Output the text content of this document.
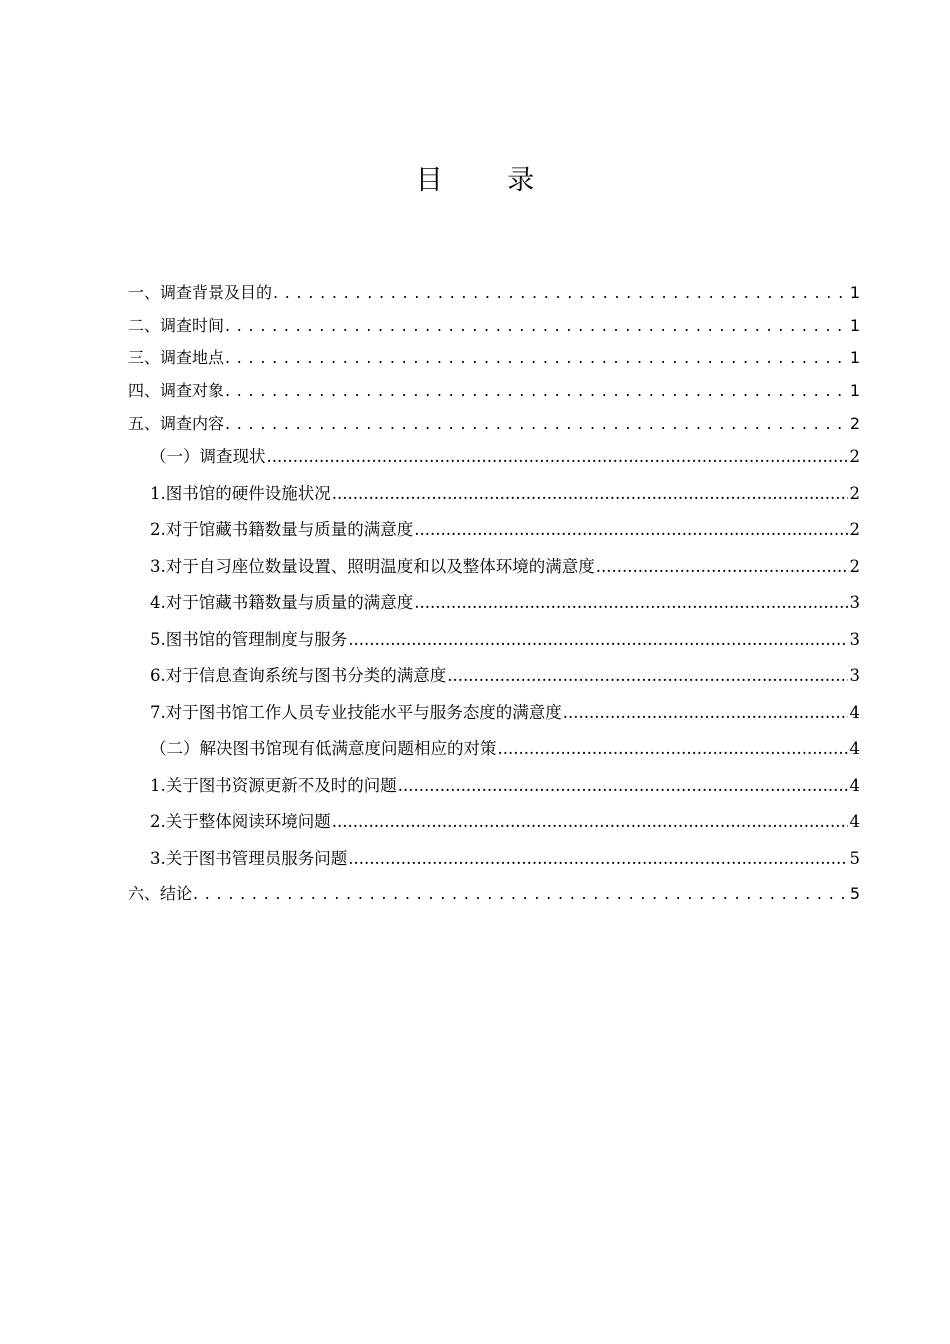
目 录
一、调查背景及目的 . . .	1
二、调查时间 . . .	1
三、调查地点 . . .	1
四、调查对象 . . .	1
五、调查内容 . . .	2
（一）调查现状 .....	2
1.图书馆的硬件设施状况 .....	2
2.对于馆藏书籍数量与质量的满意度 .....	2
3.对于自习座位数量设置、照明温度和以及整体环境的满意度 .....	2
4.对于馆藏书籍数量与质量的满意度 .....	3
5.图书馆的管理制度与服务 .....	3
6.对于信息查询系统与图书分类的满意度 .....	3
7.对于图书馆工作人员专业技能水平与服务态度的满意度 .....	4
（二）解决图书馆现有低满意度问题相应的对策 .....	4
1.关于图书资源更新不及时的问题 .....	4
2.关于整体阅读环境问题 .....	4
3.关于图书管理员服务问题 .....	5
六、结论 . . .	5
